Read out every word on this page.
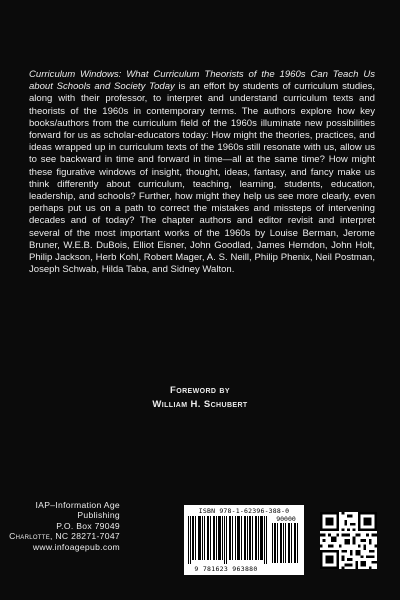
Curriculum Windows: What Curriculum Theorists of the 1960s Can Teach Us about Schools and Society Today is an effort by students of curriculum studies, along with their professor, to interpret and understand curriculum texts and theorists of the 1960s in contemporary terms. The authors explore how key books/authors from the curriculum field of the 1960s illuminate new possibilities forward for us as scholar-educators today: How might the theories, practices, and ideas wrapped up in curriculum texts of the 1960s still resonate with us, allow us to see backward in time and forward in time—all at the same time? How might these figurative windows of insight, thought, ideas, fantasy, and fancy make us think differently about curriculum, teaching, learning, students, education, leadership, and schools? Further, how might they help us see more clearly, even perhaps put us on a path to correct the mistakes and missteps of intervening decades and of today? The chapter authors and editor revisit and interpret several of the most important works of the 1960s by Louise Berman, Jerome Bruner, W.E.B. DuBois, Elliot Eisner, John Goodlad, James Herndon, John Holt, Philip Jackson, Herb Kohl, Robert Mager, A. S. Neill, Philip Phenix, Neil Postman, Joseph Schwab, Hilda Taba, and Sidney Walton.

Foreword by
William H. Schubert
IAP–Information Age Publishing
P.O. Box 79049
Charlotte, NC 28271-7047
www.infoagepub.com
ISBN 978-1-62396-388-0
90000
9 781623 963880
